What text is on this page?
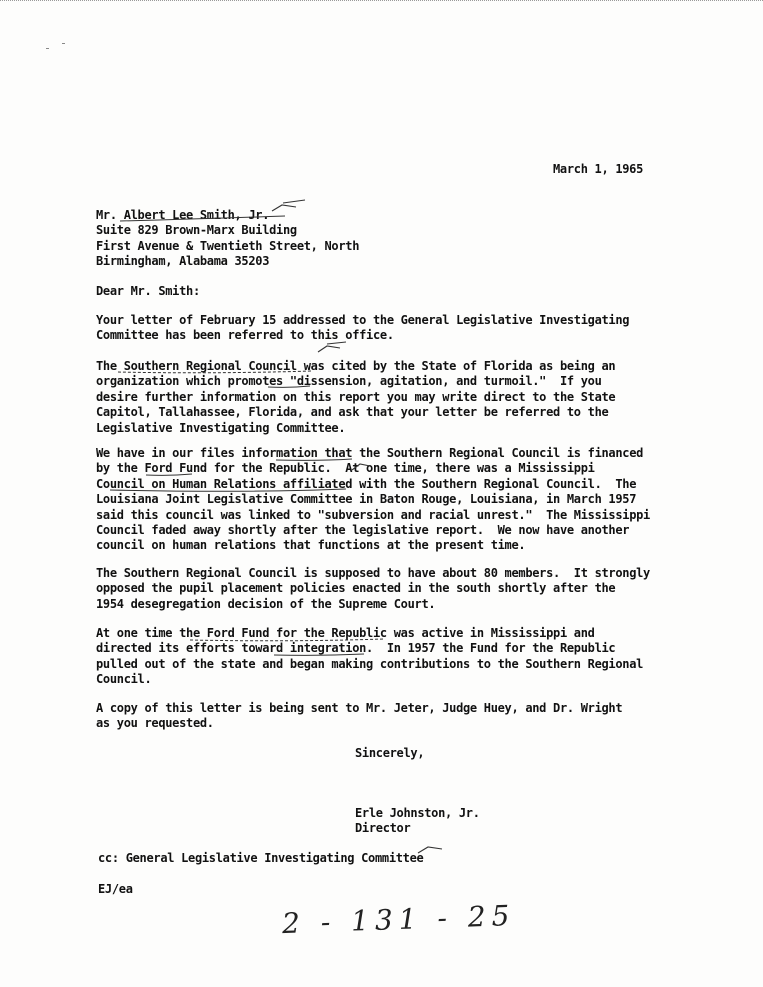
March 1, 1965
Mr. Albert Lee Smith, Jr.
Suite 829 Brown-Marx Building
First Avenue & Twentieth Street, North
Birmingham, Alabama 35203
Dear Mr. Smith:
Your letter of February 15 addressed to the General Legislative Investigating
Committee has been referred to this office.
The Southern Regional Council was cited by the State of Florida as being an
organization which promotes "dissension, agitation, and turmoil."  If you
desire further information on this report you may write direct to the State
Capitol, Tallahassee, Florida, and ask that your letter be referred to the
Legislative Investigating Committee.
We have in our files information that the Southern Regional Council is financed
by the Ford Fund for the Republic.  At one time, there was a Mississippi
Council on Human Relations affiliated with the Southern Regional Council.  The
Louisiana Joint Legislative Committee in Baton Rouge, Louisiana, in March 1957
said this council was linked to "subversion and racial unrest."  The Mississippi
Council faded away shortly after the legislative report.  We now have another
council on human relations that functions at the present time.
The Southern Regional Council is supposed to have about 80 members.  It strongly
opposed the pupil placement policies enacted in the south shortly after the
1954 desegregation decision of the Supreme Court.
At one time the Ford Fund for the Republic was active in Mississippi and
directed its efforts toward integration.  In 1957 the Fund for the Republic
pulled out of the state and began making contributions to the Southern Regional
Council.
A copy of this letter is being sent to Mr. Jeter, Judge Huey, and Dr. Wright
as you requested.
Sincerely,
Erle Johnston, Jr.
Director
cc: General Legislative Investigating Committee
EJ/ea
2 - 131 - 25
